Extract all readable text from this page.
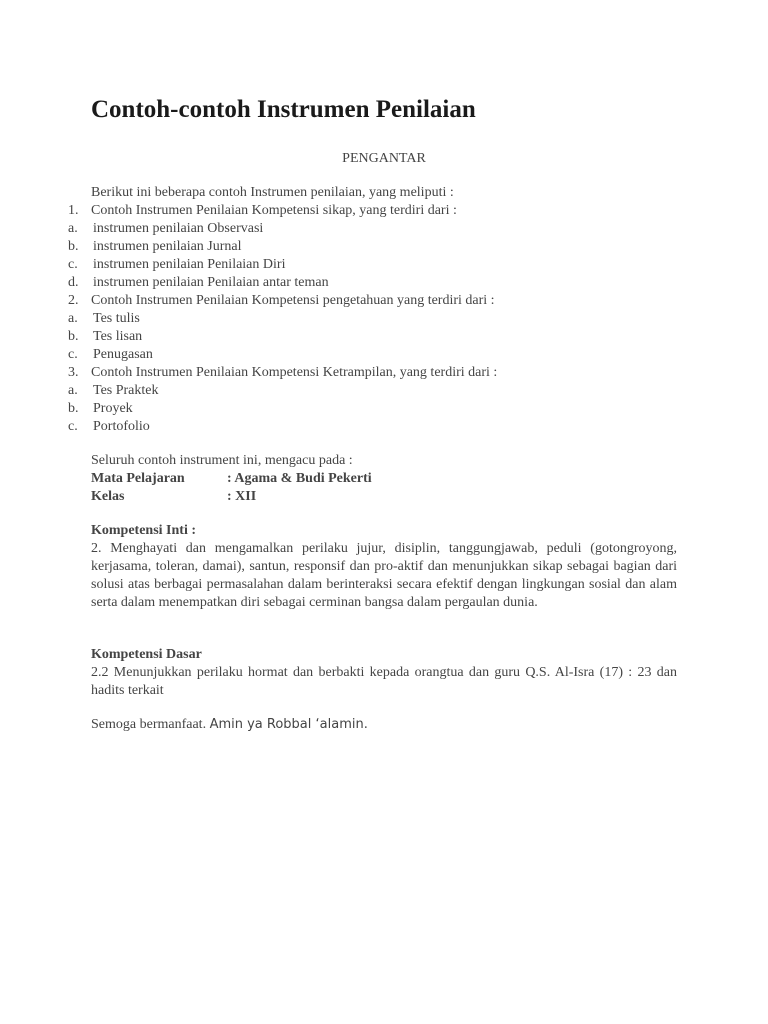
Contoh-contoh Instrumen Penilaian
PENGANTAR
Berikut ini beberapa contoh Instrumen penilaian, yang meliputi :
1. Contoh Instrumen Penilaian Kompetensi sikap, yang terdiri dari :
a. instrumen penilaian Observasi
b. instrumen penilaian Jurnal
c. instrumen penilaian Penilaian Diri
d. instrumen penilaian Penilaian antar teman
2. Contoh Instrumen Penilaian Kompetensi pengetahuan yang terdiri dari :
a. Tes tulis
b. Tes lisan
c. Penugasan
3. Contoh Instrumen Penilaian Kompetensi Ketrampilan, yang terdiri dari :
a. Tes Praktek
b. Proyek
c. Portofolio
Seluruh contoh instrument ini, mengacu pada :
Mata Pelajaran	: Agama & Budi Pekerti
Kelas	: XII
Kompetensi Inti :
2. Menghayati dan mengamalkan perilaku jujur, disiplin, tanggungjawab, peduli (gotongroyong, kerjasama, toleran, damai), santun, responsif dan pro-aktif dan menunjukkan sikap sebagai bagian dari solusi atas berbagai permasalahan dalam berinteraksi secara efektif dengan lingkungan sosial dan alam serta dalam menempatkan diri sebagai cerminan bangsa dalam pergaulan dunia.
Kompetensi Dasar
2.2 Menunjukkan perilaku hormat dan berbakti kepada orangtua dan guru Q.S. Al-Isra (17) : 23 dan hadits terkait
Semoga bermanfaat. Amin ya Robbal ‘alamin.
